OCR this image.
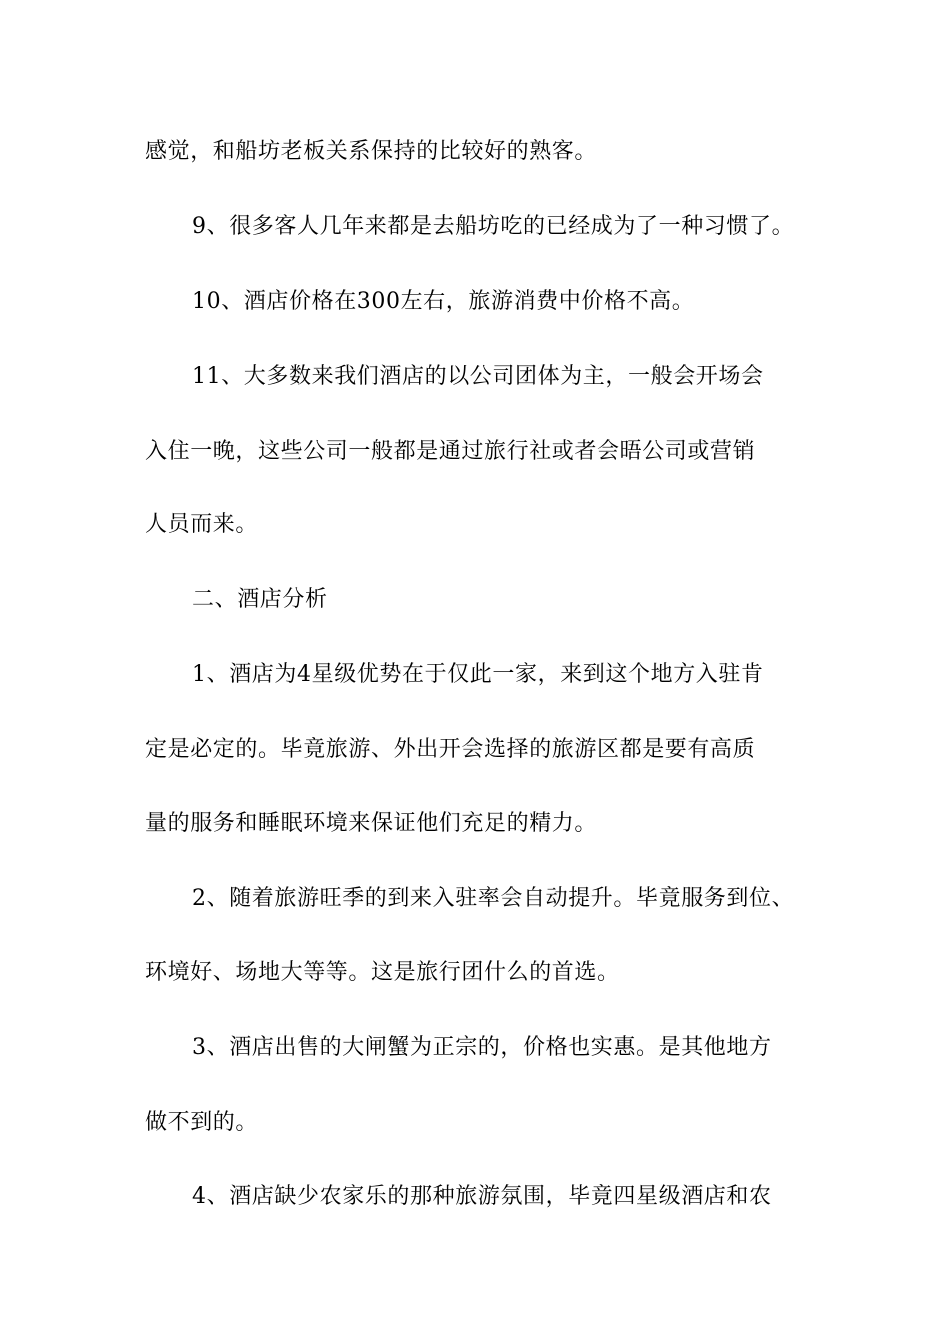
感觉，和船坊老板关系保持的比较好的熟客。
9、很多客人几年来都是去船坊吃的已经成为了一种习惯了。
10、酒店价格在300左右，旅游消费中价格不高。
11、大多数来我们酒店的以公司团体为主，一般会开场会
入住一晚，这些公司一般都是通过旅行社或者会晤公司或营销
人员而来。
二、酒店分析
1、酒店为4星级优势在于仅此一家，来到这个地方入驻肯
定是必定的。毕竟旅游、外出开会选择的旅游区都是要有高质
量的服务和睡眠环境来保证他们充足的精力。
2、随着旅游旺季的到来入驻率会自动提升。毕竟服务到位、
环境好、场地大等等。这是旅行团什么的首选。
3、酒店出售的大闸蟹为正宗的，价格也实惠。是其他地方
做不到的。
4、酒店缺少农家乐的那种旅游氛围，毕竟四星级酒店和农
